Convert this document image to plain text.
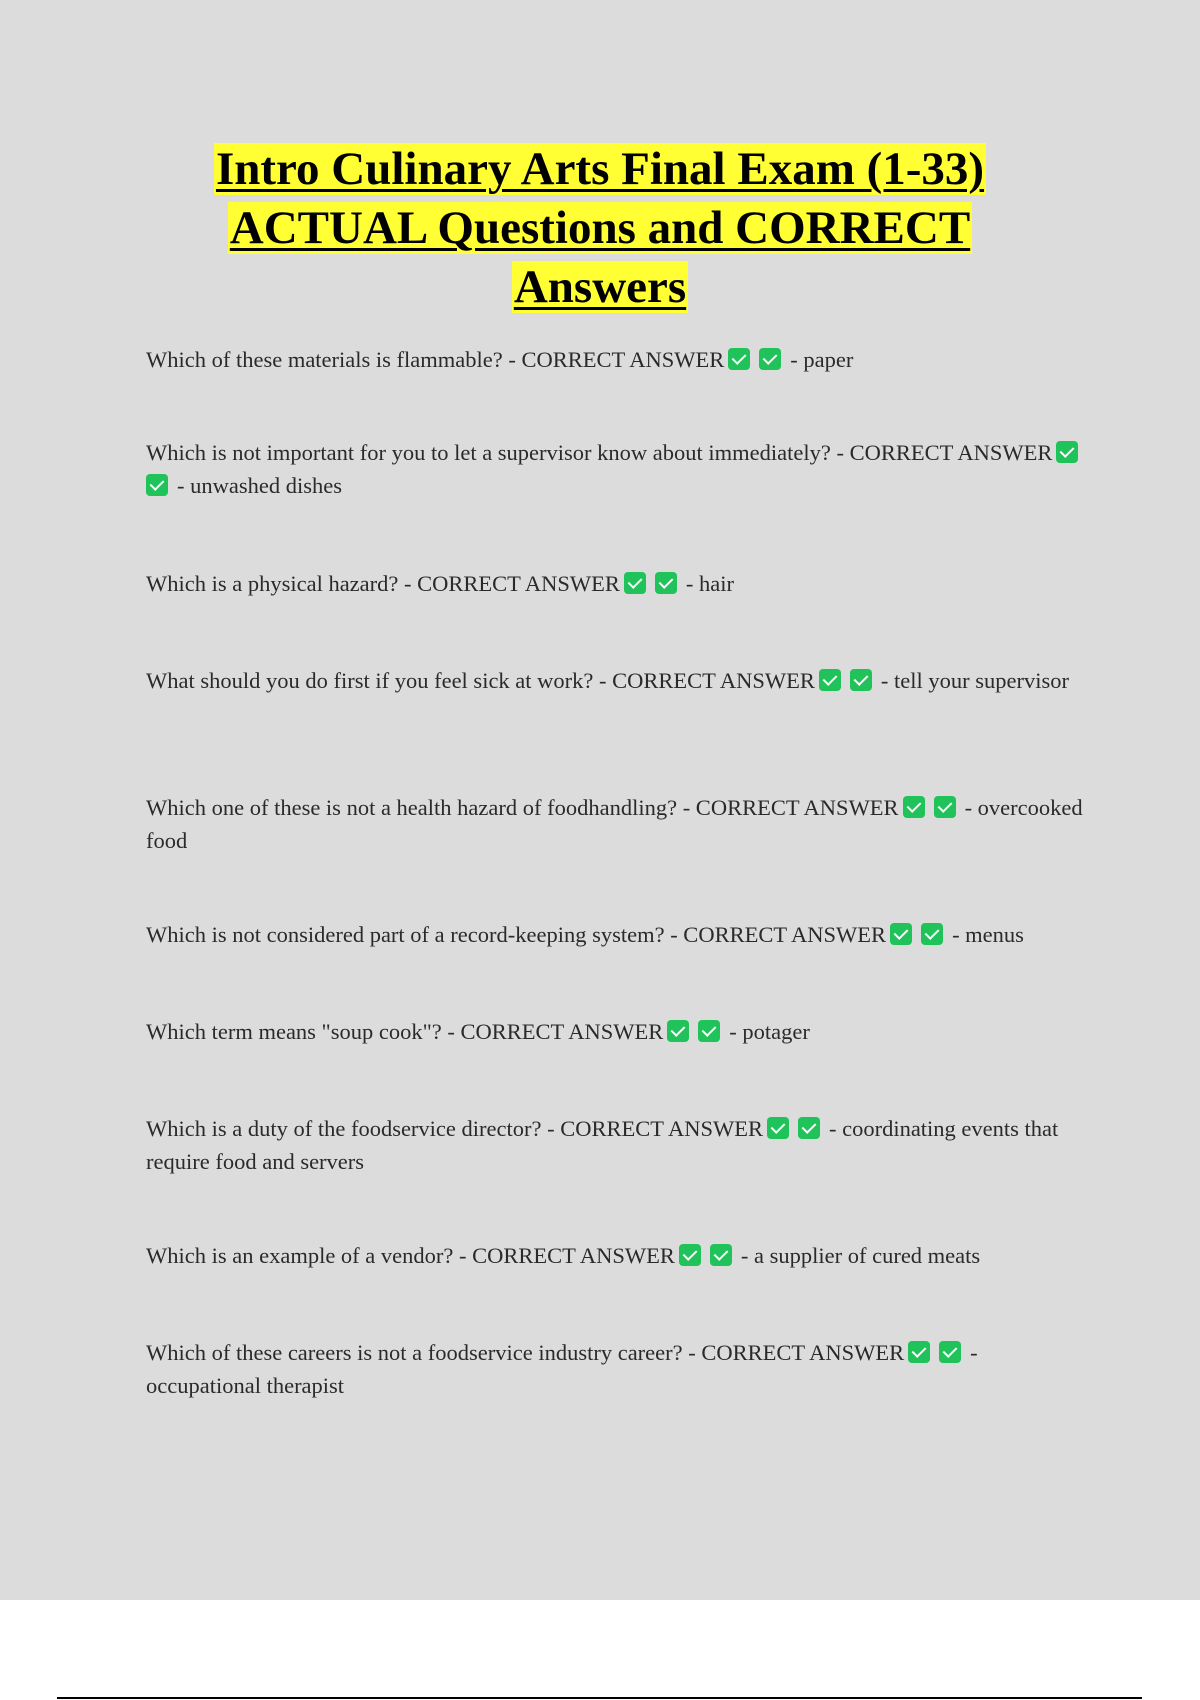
Intro Culinary Arts Final Exam (1-33)
ACTUAL Questions and CORRECT
Answers

Which of these materials is flammable? - CORRECT ANSWER	- paper

Which is not important for you to let a supervisor know about immediately? - CORRECT ANSWER- unwashed dishes

Which is a physical hazard? - CORRECT ANSWER	- hair

What should you do first if you feel sick at work? - CORRECT ANSWER	- tell your supervisor

Which one of these is not a health hazard of foodhandling? - CORRECT ANSWER	- overcooked food

Which is not considered part of a record-keeping system? - CORRECT ANSWER	- menus

Which term means "soup cook"? - CORRECT ANSWER	- potager

Which is a duty of the foodservice director? - CORRECT ANSWER	- coordinating events that require food and servers

Which is an example of a vendor? - CORRECT ANSWER	- a supplier of cured meats

Which of these careers is not a foodservice industry career? - CORRECT ANSWER	- occupational therapist
